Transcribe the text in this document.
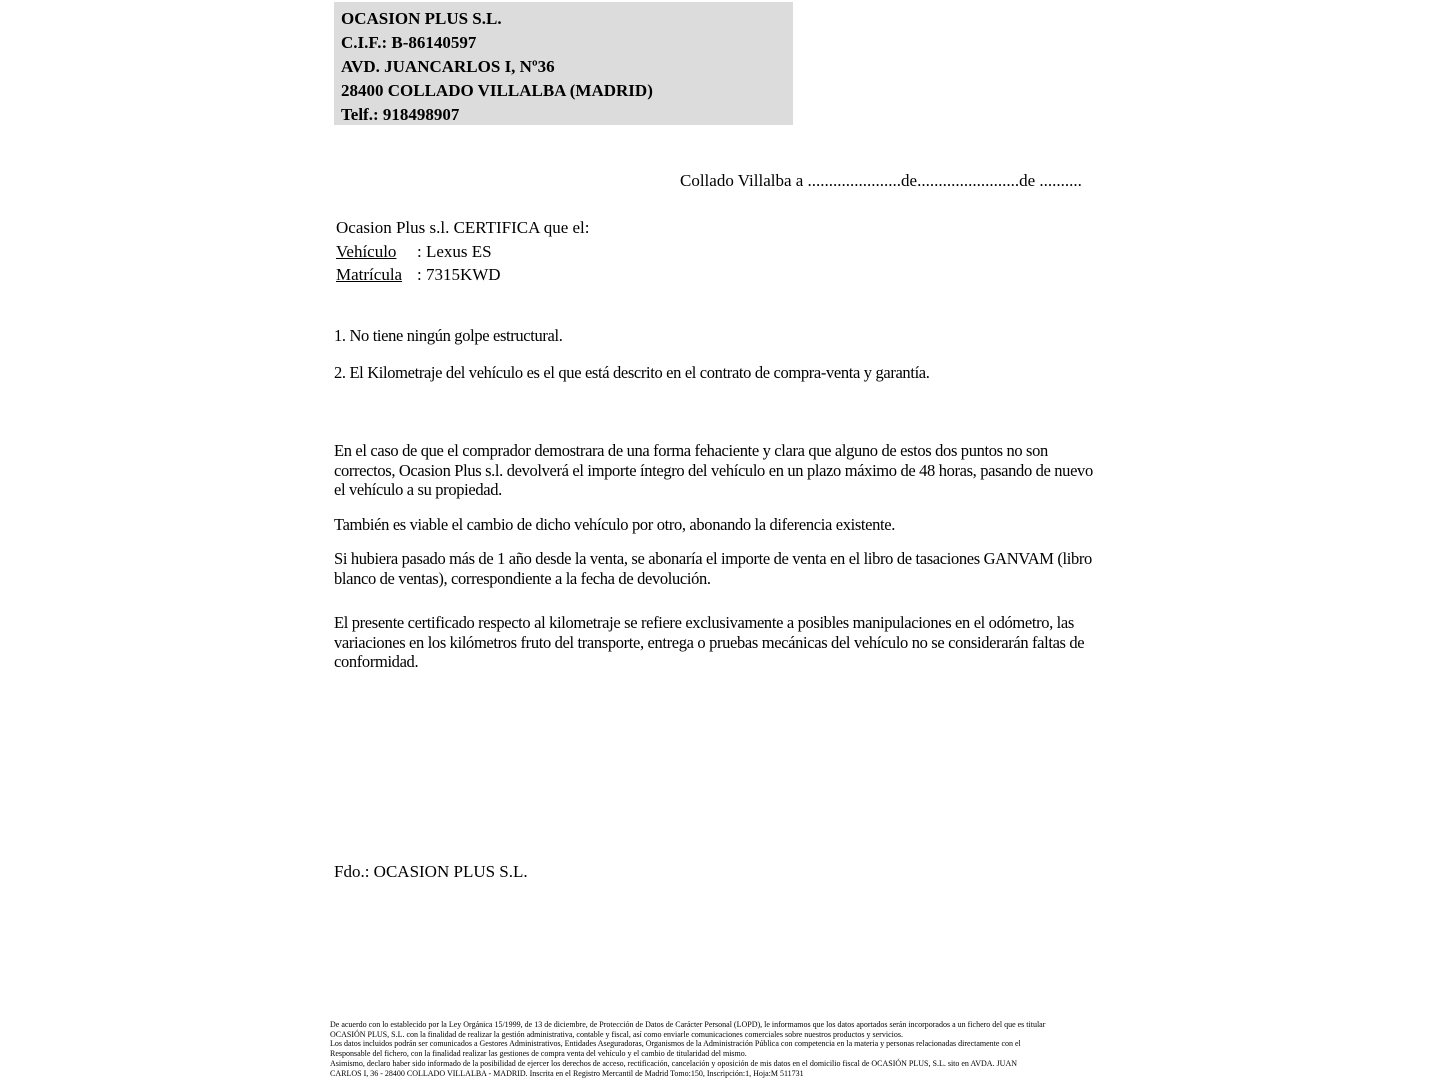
OCASION PLUS S.L.
C.I.F.: B-86140597
AVD. JUANCARLOS I, Nº36
28400 COLLADO VILLALBA (MADRID)
Telf.: 918498907
Collado Villalba a ......................de........................de ..........
Ocasion Plus s.l. CERTIFICA que el:
Vehículo	: Lexus ES
Matrícula : 7315KWD
1. No tiene ningún golpe estructural.
2. El Kilometraje del vehículo es el que está descrito en el contrato de compra-venta y garantía.
En el caso de que el comprador demostrara de una forma fehaciente y clara que alguno de estos dos puntos no son correctos, Ocasion Plus s.l. devolverá el importe íntegro del vehículo en un plazo máximo de 48 horas, pasando de nuevo el vehículo a su propiedad.
También es viable el cambio de dicho vehículo por otro, abonando la diferencia existente.
Si hubiera pasado más de 1 año desde la venta, se abonaría el importe de venta en el libro de tasaciones GANVAM (libro blanco de ventas), correspondiente a la fecha de devolución.
El presente certificado respecto al kilometraje se refiere exclusivamente a posibles manipulaciones en el odómetro, las variaciones en los kilómetros fruto del transporte, entrega o pruebas mecánicas del vehículo no se considerarán faltas de conformidad.
Fdo.: OCASION PLUS S.L.
De acuerdo con lo establecido por la Ley Orgánica 15/1999, de 13 de diciembre, de Protección de Datos de Carácter Personal (LOPD), le informamos que los datos aportados serán incorporados a un fichero del que es titular
OCASIÓN PLUS, S.L. con la finalidad de realizar la gestión administrativa, contable y fiscal, así como enviarle comunicaciones comerciales sobre nuestros productos y servicios.
Los datos incluidos podrán ser comunicados a Gestores Administrativos, Entidades Aseguradoras, Organismos de la Administración Pública con competencia en la materia y personas relacionadas directamente con el
Responsable del fichero, con la finalidad realizar las gestiones de compra venta del vehículo y el cambio de titularidad del mismo.
Asimismo, declaro haber sido informado de la posibilidad de ejercer los derechos de acceso, rectificación, cancelación y oposición de mis datos en el domicilio fiscal de OCASIÓN PLUS, S.L. sito en AVDA. JUAN
CARLOS I, 36 - 28400 COLLADO VILLALBA - MADRID. Inscrita en el Registro Mercantil de Madrid Tomo:150, Inscripción:1, Hoja:M 511731
